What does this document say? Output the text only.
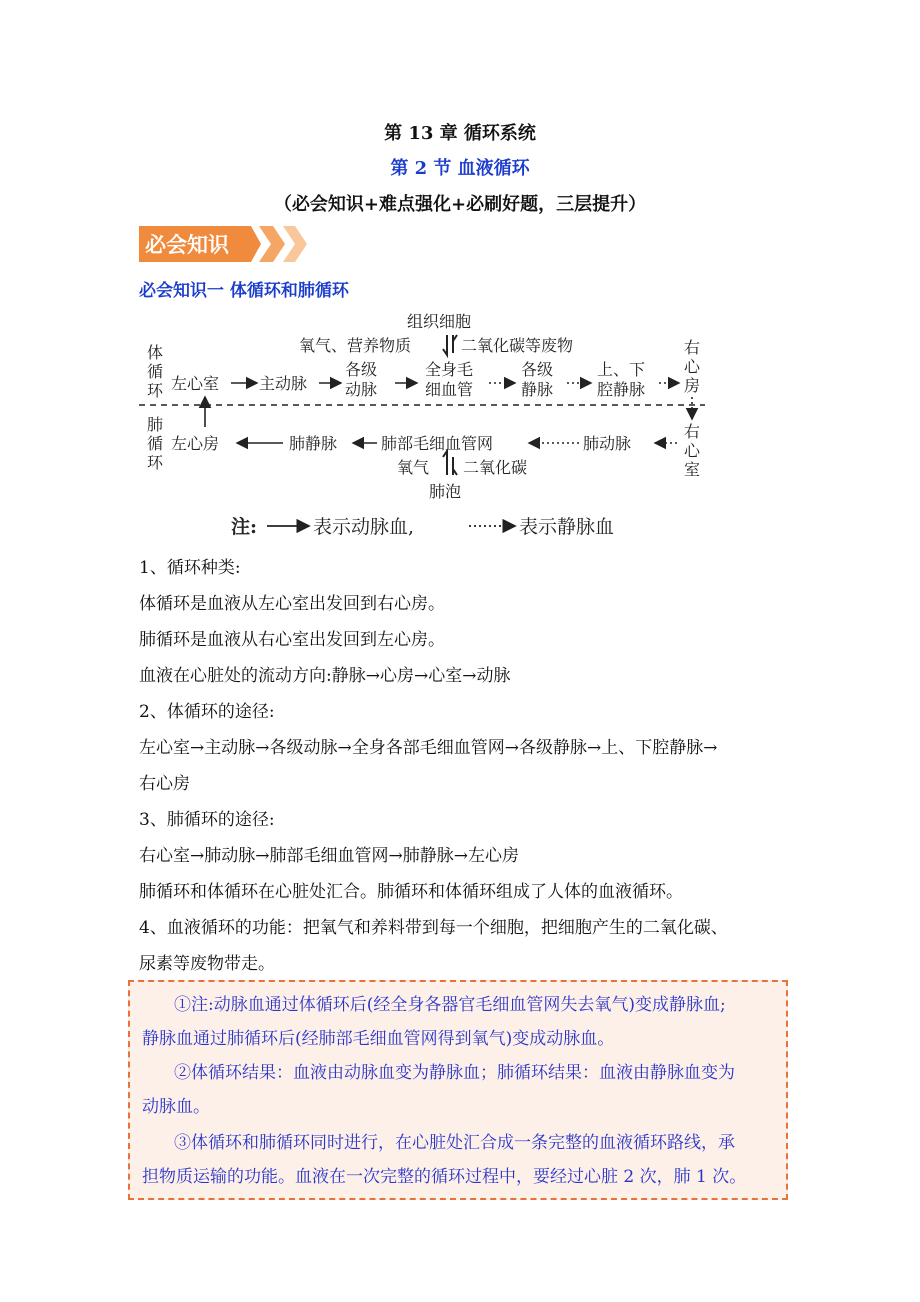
第 13 章 循环系统
第 2 节 血液循环
（必会知识+难点强化+必刷好题，三层提升）
必会知识
必会知识一 体循环和肺循环
体
循
环
肺
循
环
右
心
房
右
心
室
组织细胞
氧气、营养物质	二氧化碳等废物
左心室 主动脉
各级
动脉
全身毛
细血管
各级
静脉
上、下
腔静脉
左心房	肺静脉	肺部毛细血管网	肺动脉
氧气 二氧化碳
肺泡
注:	表示动脉血,	表示静脉血
1、循环种类:
体循环是血液从左心室出发回到右心房。
肺循环是血液从右心室出发回到左心房。
血液在心脏处的流动方向:静脉→心房→心室→动脉
2、体循环的途径:
左心室→主动脉→各级动脉→全身各部毛细血管网→各级静脉→上、下腔静脉→
右心房
3、肺循环的途径:
右心室→肺动脉→肺部毛细血管网→肺静脉→左心房
肺循环和体循环在心脏处汇合。肺循环和体循环组成了人体的血液循环。
4、血液循环的功能：把氧气和养料带到每一个细胞，把细胞产生的二氧化碳、
尿素等废物带走。
①注:动脉血通过体循环后(经全身各器官毛细血管网失去氧气)变成静脉血;
静脉血通过肺循环后(经肺部毛细血管网得到氧气)变成动脉血。
②体循环结果：血液由动脉血变为静脉血；肺循环结果：血液由静脉血变为
动脉血。
③体循环和肺循环同时进行，在心脏处汇合成一条完整的血液循环路线，承
担物质运输的功能。血液在一次完整的循环过程中，要经过心脏 2 次，肺 1 次。
